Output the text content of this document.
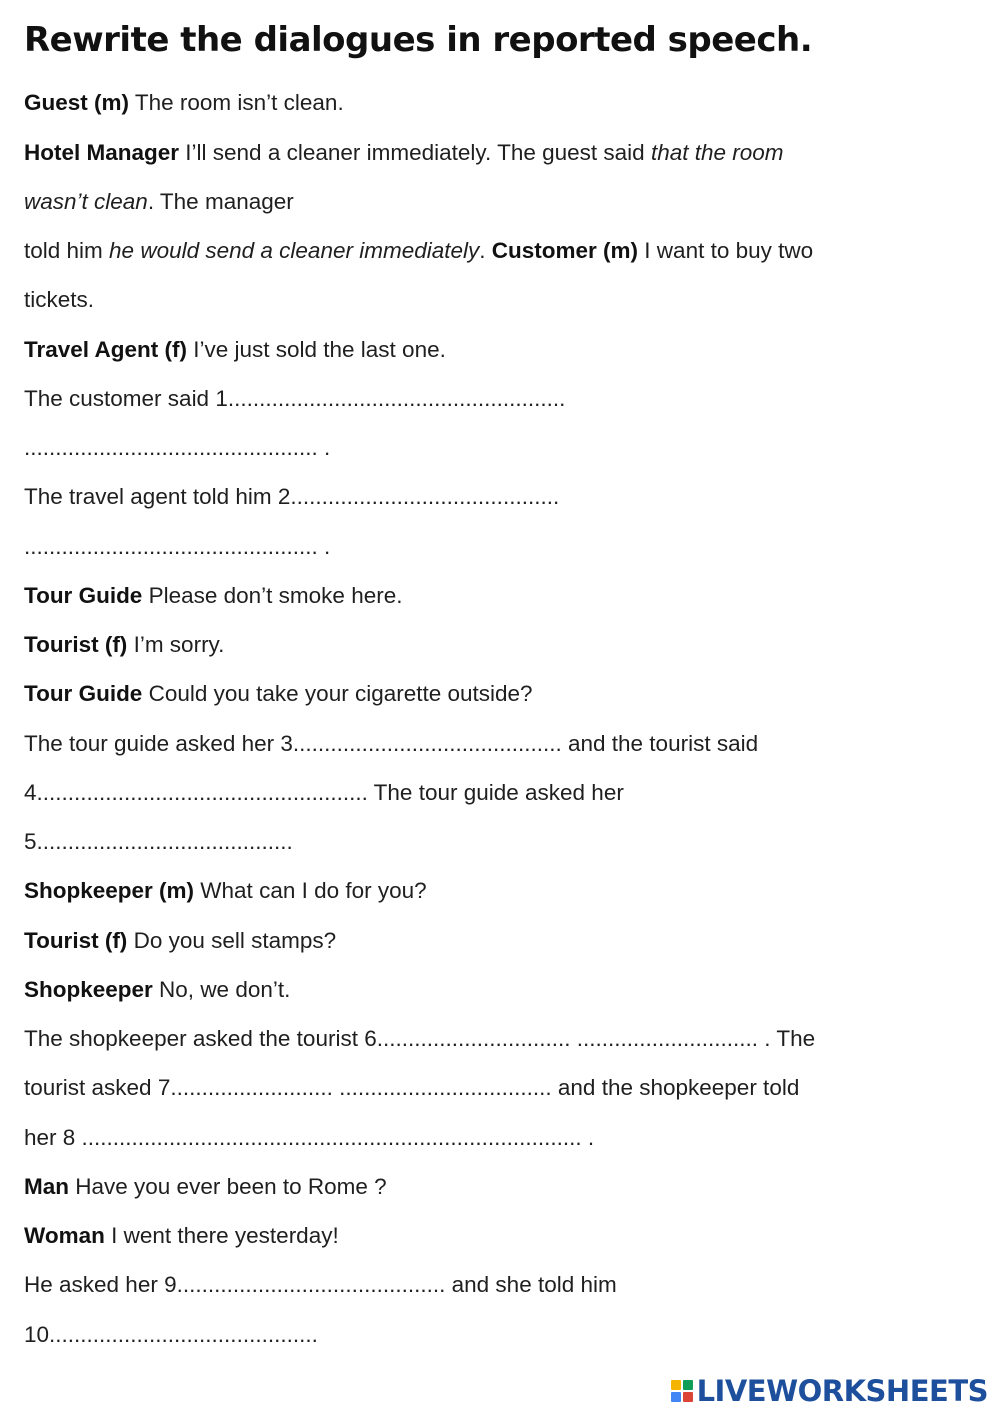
Rewrite the dialogues in reported speech.
Guest (m) The room isn’t clean.
Hotel Manager I’ll send a cleaner immediately. The guest said that the room
wasn’t clean. The manager
told him he would send a cleaner immediately. Customer (m) I want to buy two
tickets.
Travel Agent (f) I’ve just sold the last one.
The customer said 1......................................................
............................................... .
The travel agent told him 2...........................................
............................................... .
Tour Guide Please don’t smoke here.
Tourist (f) I’m sorry.
Tour Guide Could you take your cigarette outside?
The tour guide asked her 3........................................... and the tourist said
4..................................................... The tour guide asked her
5.........................................
Shopkeeper (m) What can I do for you?
Tourist (f) Do you sell stamps?
Shopkeeper No, we don’t.
The shopkeeper asked the tourist 6............................... ............................. . The
tourist asked 7.......................... .................................. and the shopkeeper told
her 8 ................................................................................ .
Man Have you ever been to Rome ?
Woman I went there yesterday!
He asked her 9........................................... and she told him
10...........................................
LIVEWORKSHEETS
